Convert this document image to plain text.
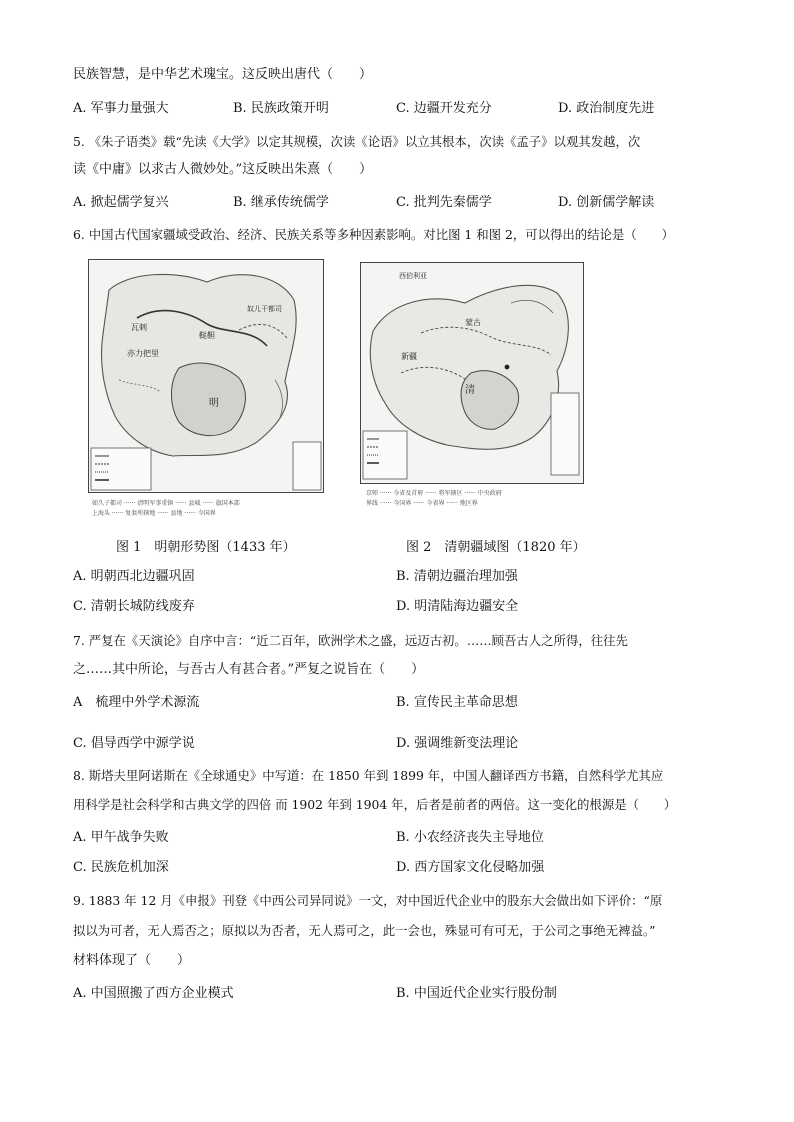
民族智慧，是中华艺术瑰宝。这反映出唐代（　　）
A. 军事力量强大	B. 民族政策开明	C. 边疆开发充分	D. 政治制度先进
5. 《朱子语类》载“先读《大学》以定其规模，次读《论语》以立其根本，次读《孟子》以观其发越，次
读《中庸》以求古人微妙处。”这反映出朱熹（　　）
A. 掀起儒学复兴	B. 继承传统儒学	C. 批判先秦儒学	D. 创新儒学解读
6. 中国古代国家疆域受政治、经济、民族关系等多种因素影响。对比图 1 和图 2，可以得出的结论是（　　）
瓦剌
鞑靼
亦力把里
明
奴儿干都司
如久子都司 ······ 清明军事重镇 ······ 县城 ······ 旗国本部
上海头 ······ 复套所辖地 ······ 县地 ······ 今国界
图 1　明朝形势图（1433 年）
西伯利亚
新疆
清
蒙古
京师 ······ 今省及首府 ······ 将军辖区 ······ 中央政府
界线 ······ 今国界 ······ 今省界 ······ 地区界
图 2　清朝疆域图（1820 年）
A. 明朝西北边疆巩固	B. 清朝边疆治理加强
C. 清朝长城防线废弃	D. 明清陆海边疆安全
7. 严复在《天演论》自序中言：“近二百年，欧洲学术之盛，远迈古初。……顾吾古人之所得，往往先
之……其中所论，与吾古人有甚合者。”严复之说旨在（　　）
A　梳理中外学术源流	B. 宣传民主革命思想
C. 倡导西学中源学说	D. 强调维新变法理论
8. 斯塔夫里阿诺斯在《全球通史》中写道：在 1850 年到 1899 年，中国人翻译西方书籍，自然科学尤其应
用科学是社会科学和古典文学的四倍 而 1902 年到 1904 年，后者是前者的两倍。这一变化的根源是（　　）
A. 甲午战争失败	B. 小农经济丧失主导地位
C. 民族危机加深	D. 西方国家文化侵略加强
9. 1883 年 12 月《申报》刊登《中西公司异同说》一文，对中国近代企业中的股东大会做出如下评价：“原
拟以为可者，无人焉否之；原拟以为否者，无人焉可之，此一会也，殊显可有可无，于公司之事绝无裨益。”
材料体现了（　　）
A. 中国照搬了西方企业模式	B. 中国近代企业实行股份制
